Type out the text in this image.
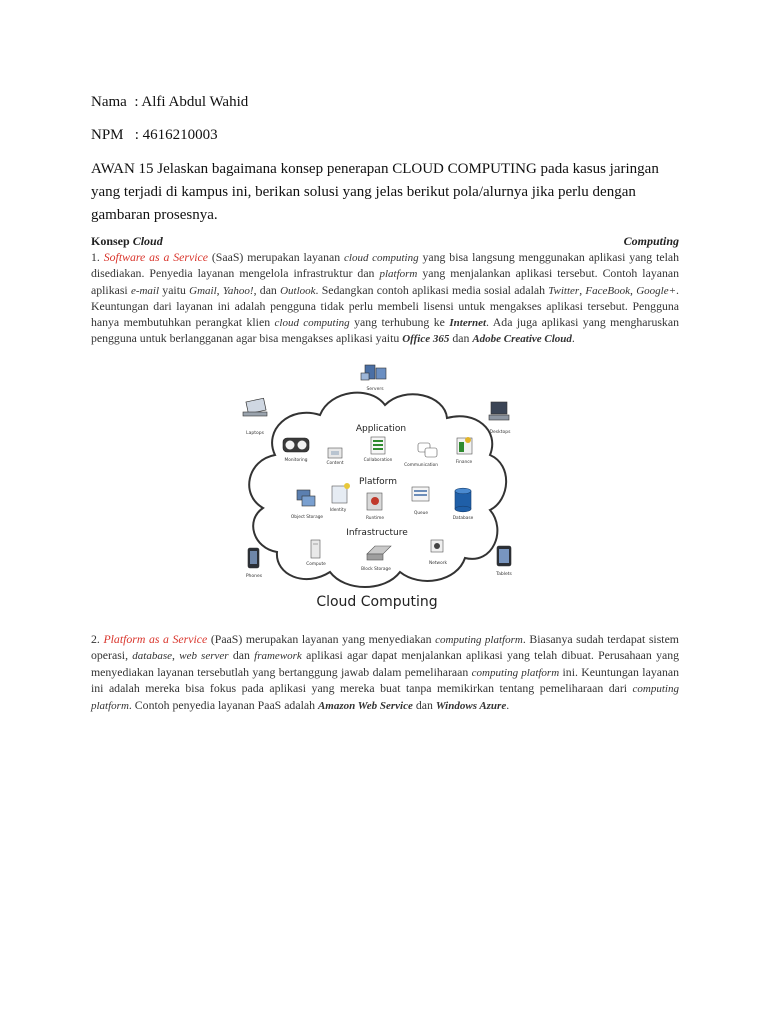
Nama  : Alfi Abdul Wahid
NPM   : 4616210003
AWAN 15 Jelaskan bagaimana konsep penerapan CLOUD COMPUTING pada kasus jaringan yang terjadi di kampus ini, berikan solusi yang jelas berikut pola/alurnya jika perlu dengan gambaran prosesnya.
Konsep Cloud	Computing
1. Software as a Service (SaaS) merupakan layanan cloud computing yang bisa langsung menggunakan aplikasi yang telah disediakan. Penyedia layanan mengelola infrastruktur dan platform yang menjalankan aplikasi tersebut. Contoh layanan aplikasi e-mail yaitu Gmail, Yahoo!, dan Outlook. Sedangkan contoh aplikasi media sosial adalah Twitter, FaceBook, Google+. Keuntungan dari layanan ini adalah pengguna tidak perlu membeli lisensi untuk mengakses aplikasi tersebut. Pengguna hanya membutuhkan perangkat klien cloud computing yang terhubung ke Internet. Ada juga aplikasi yang mengharuskan pengguna untuk berlangganan agar bisa mengakses aplikasi yaitu Office 365 dan Adobe Creative Cloud.
Servers
Laptops	Desktops
Phones	Tablets
Application
Platform
Infrastructure
Monitoring
Content
Collaboration
Communication
Finance
Object Storage
Identity
Runtime
Queue
Database
Compute
Block Storage
Network
Cloud Computing
2. Platform as a Service (PaaS) merupakan layanan yang menyediakan computing platform. Biasanya sudah terdapat sistem operasi, database, web server dan framework aplikasi agar dapat menjalankan aplikasi yang telah dibuat. Perusahaan yang menyediakan layanan tersebutlah yang bertanggung jawab dalam pemeliharaan computing platform ini. Keuntungan layanan ini adalah mereka bisa fokus pada aplikasi yang mereka buat tanpa memikirkan tentang pemeliharaan dari computing platform. Contoh penyedia layanan PaaS adalah Amazon Web Service dan Windows Azure.
